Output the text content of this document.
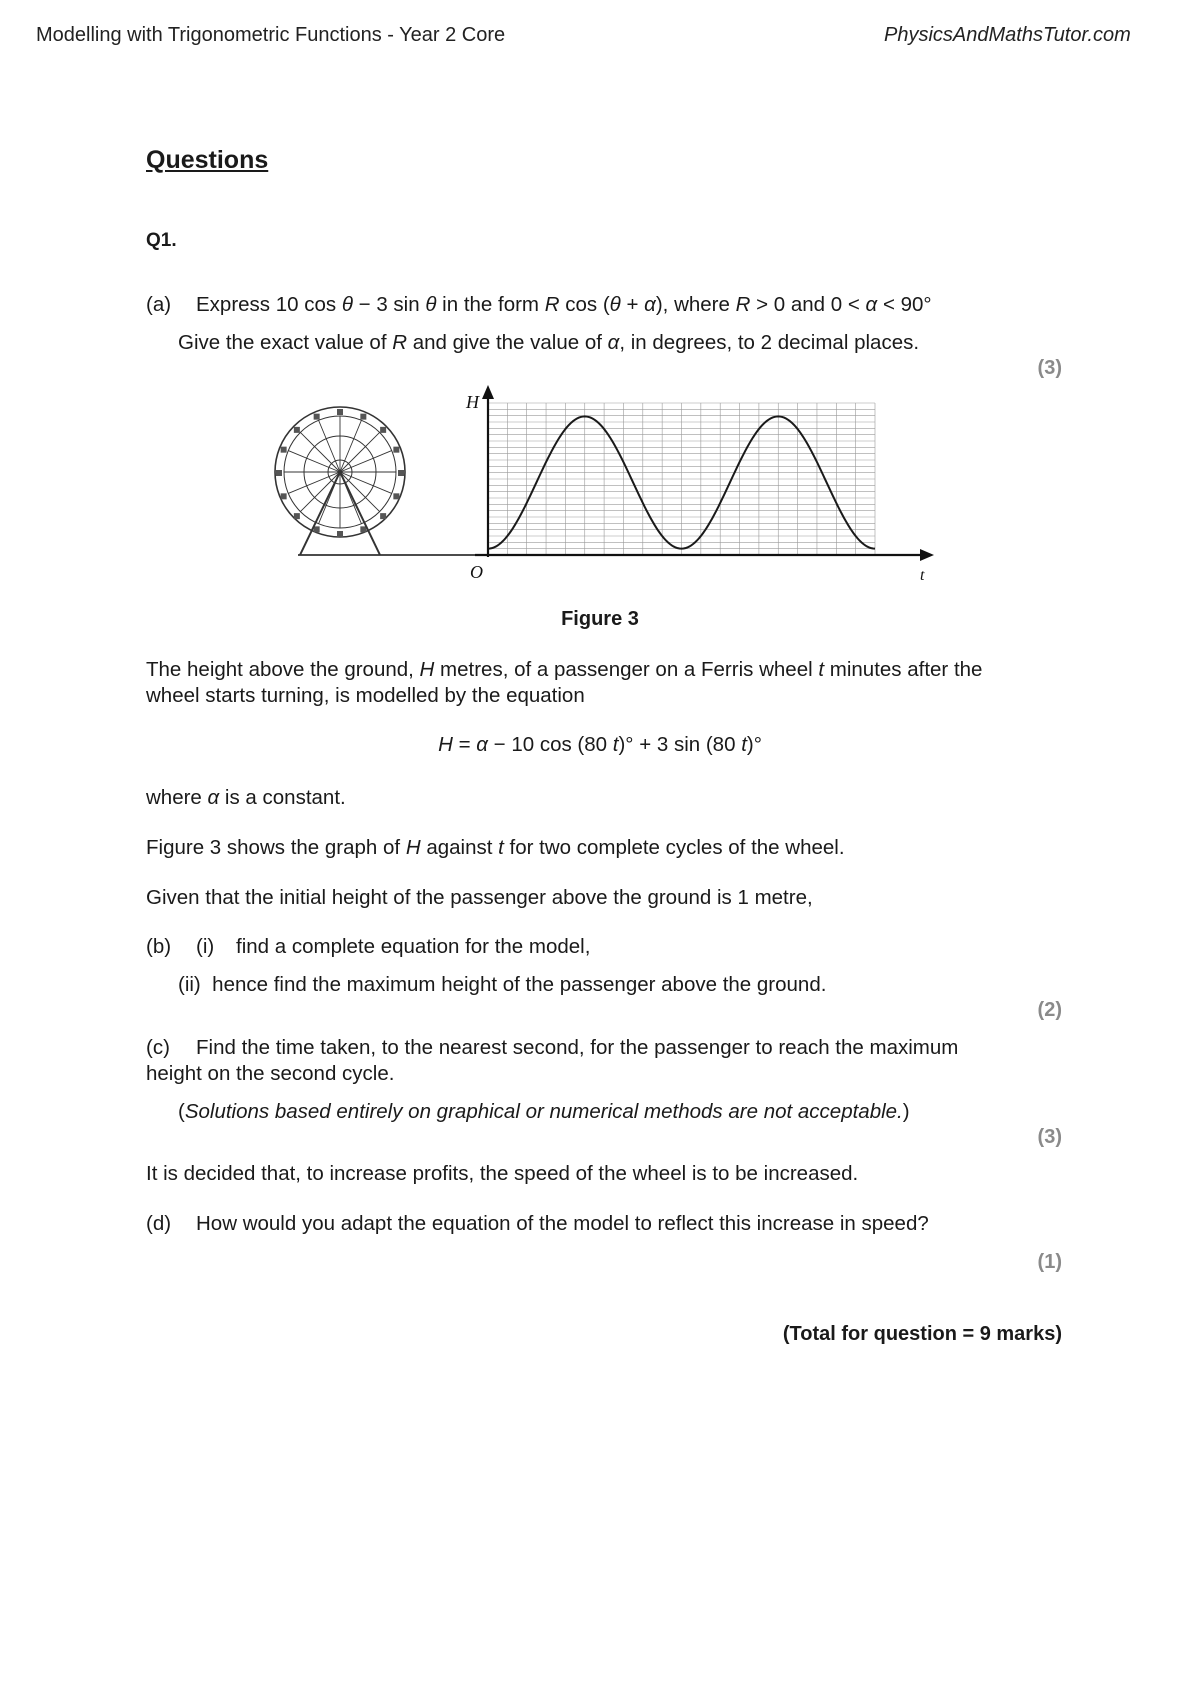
Modelling with Trigonometric Functions - Year 2 Core	PhysicsAndMathsTutor.com
Questions
Q1.
(a) Express 10 cos θ − 3 sin θ in the form R cos (θ + α), where R > 0 and 0 < α < 90°
Give the exact value of R and give the value of α, in degrees, to 2 decimal places.
(3)
H
O	t
Figure 3
The height above the ground, H metres, of a passenger on a Ferris wheel t minutes after the
wheel starts turning, is modelled by the equation
H = α − 10 cos (80 t)° + 3 sin (80 t)°
where α is a constant.
Figure 3 shows the graph of H against t for two complete cycles of the wheel.
Given that the initial height of the passenger above the ground is 1 metre,
(b) (i) find a complete equation for the model,
(ii) hence find the maximum height of the passenger above the ground.
(2)
(c) Find the time taken, to the nearest second, for the passenger to reach the maximum
height on the second cycle.
(Solutions based entirely on graphical or numerical methods are not acceptable.)
(3)
It is decided that, to increase profits, the speed of the wheel is to be increased.
(d) How would you adapt the equation of the model to reflect this increase in speed?
(1)
(Total for question = 9 marks)
